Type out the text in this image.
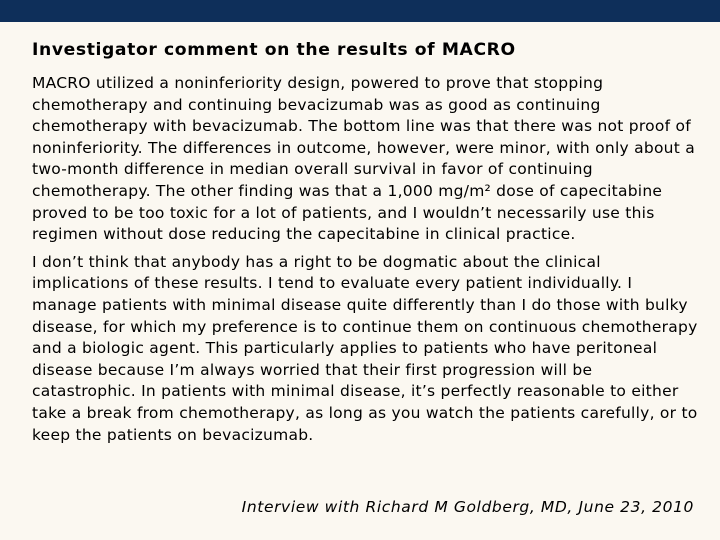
Investigator comment on the results of MACRO

MACRO utilized a noninferiority design, powered to prove that stopping chemotherapy and continuing bevacizumab was as good as continuing chemotherapy with bevacizumab. The bottom line was that there was not proof of noninferiority. The differences in outcome, however, were minor, with only about a two-month difference in median overall survival in favor of continuing chemotherapy. The other finding was that a 1,000 mg/m² dose of capecitabine proved to be too toxic for a lot of patients, and I wouldn’t necessarily use this regimen without dose reducing the capecitabine in clinical practice.

I don’t think that anybody has a right to be dogmatic about the clinical implications of these results. I tend to evaluate every patient individually. I manage patients with minimal disease quite differently than I do those with bulky disease, for which my preference is to continue them on continuous chemotherapy and a biologic agent. This particularly applies to patients who have peritoneal disease because I’m always worried that their first progression will be catastrophic. In patients with minimal disease, it’s perfectly reasonable to either take a break from chemotherapy, as long as you watch the patients carefully, or to keep the patients on bevacizumab.

Interview with Richard M Goldberg, MD, June 23, 2010
